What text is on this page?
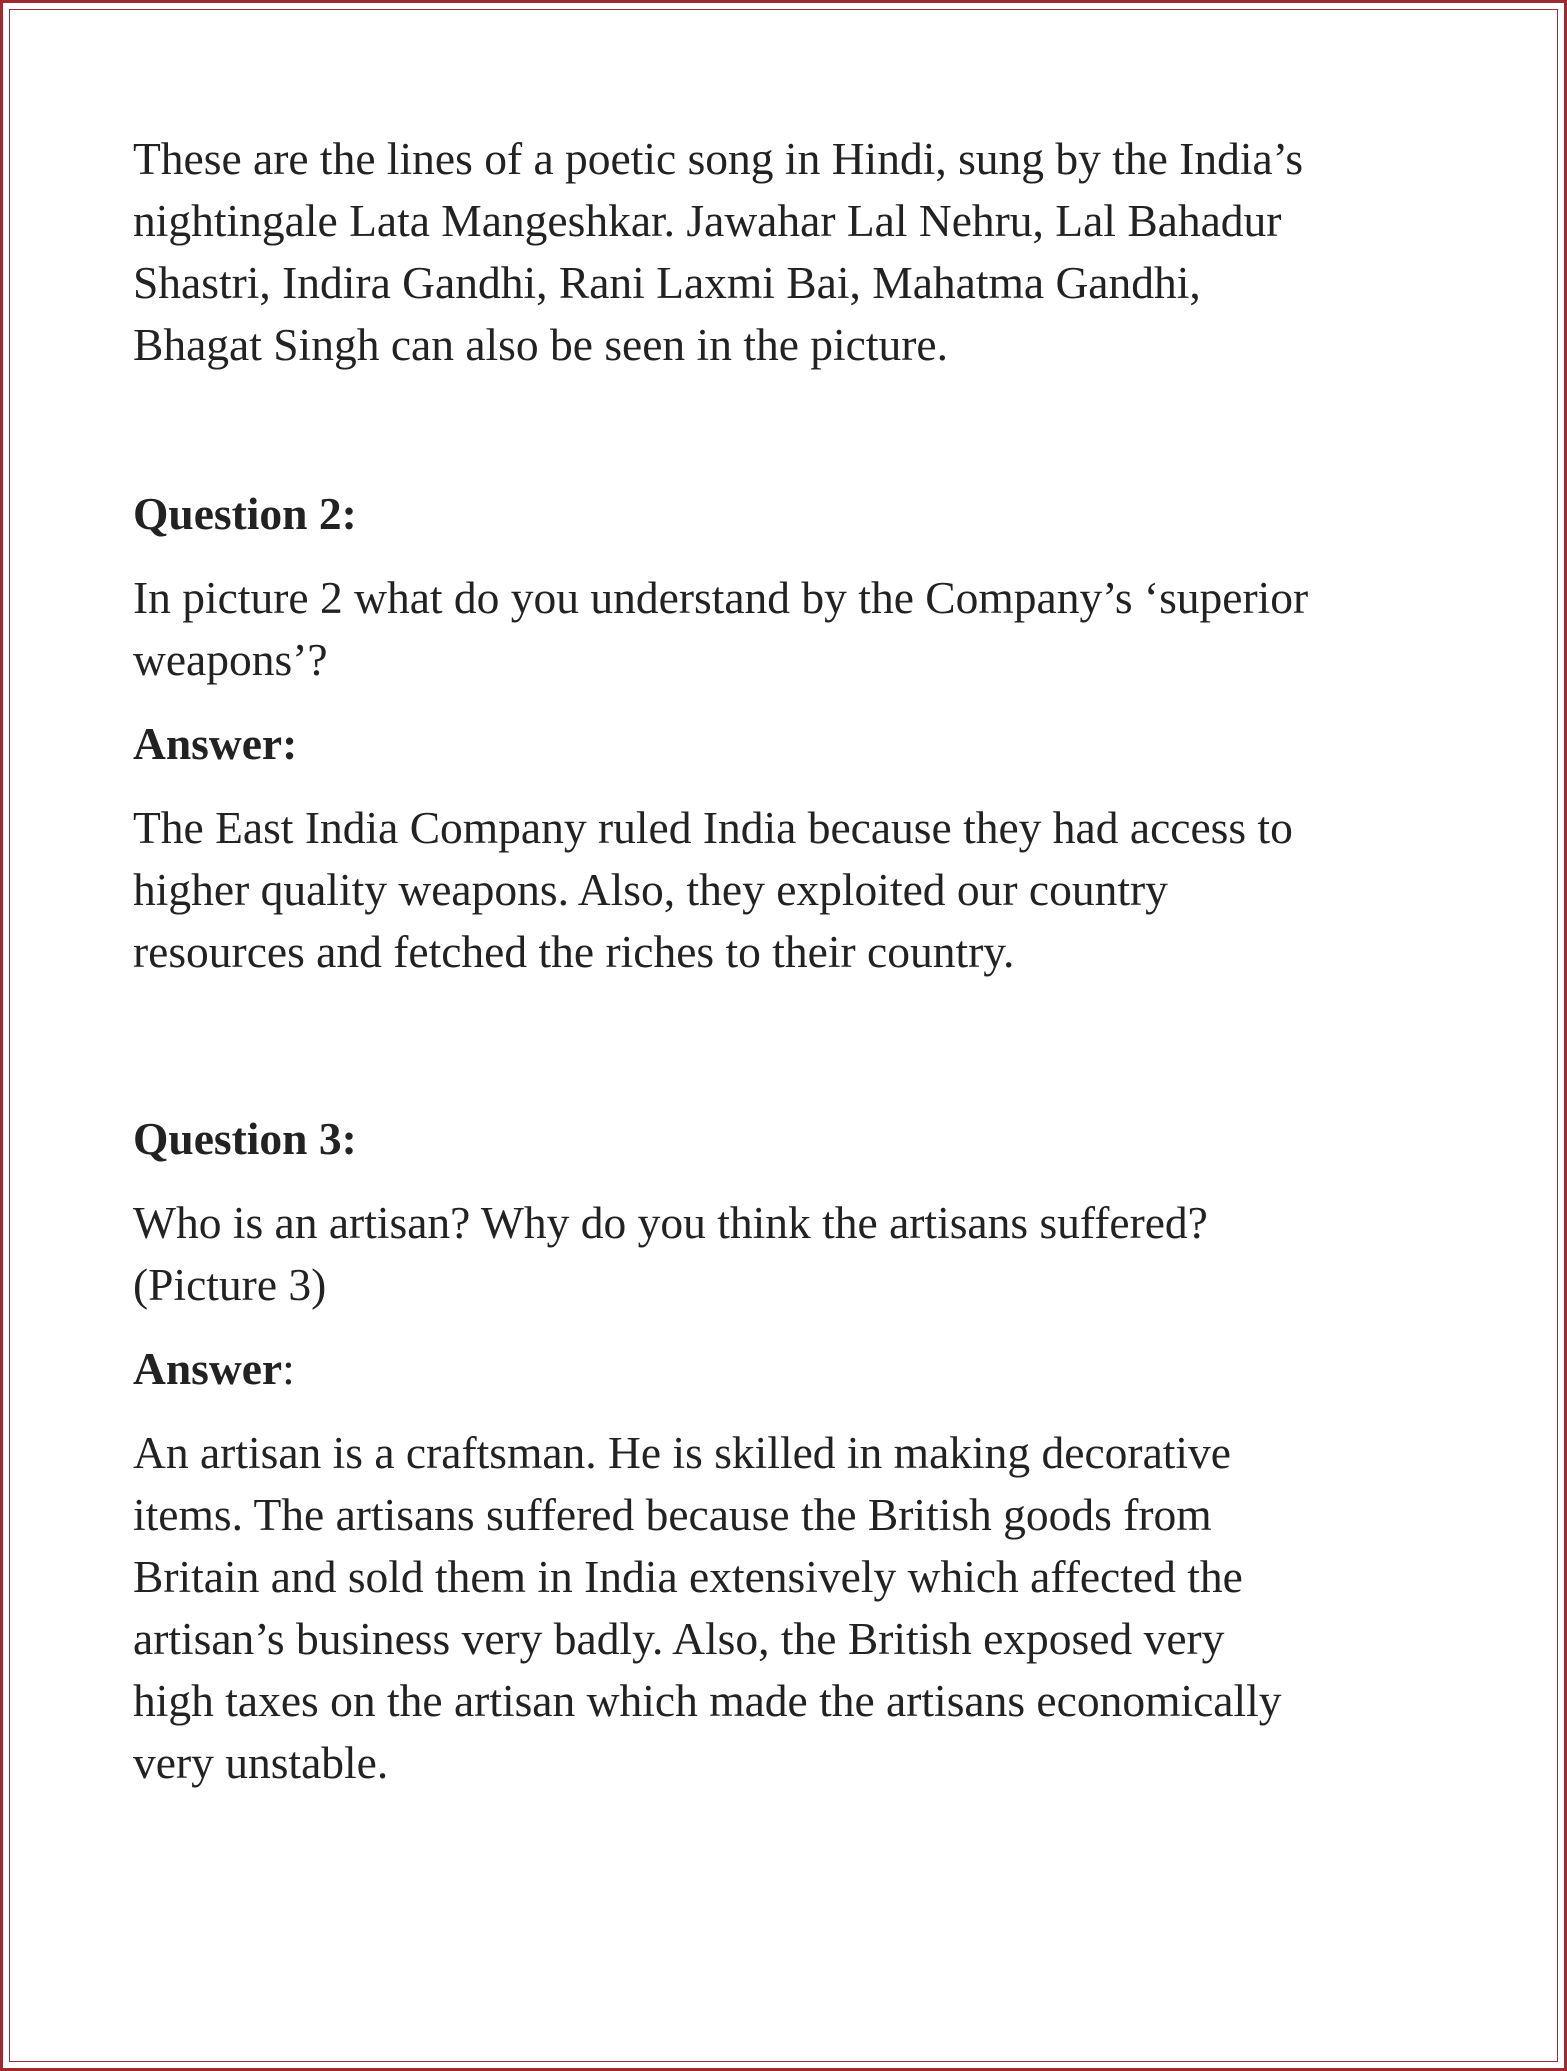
These are the lines of a poetic song in Hindi, sung by the India’s
nightingale Lata Mangeshkar. Jawahar Lal Nehru, Lal Bahadur
Shastri, Indira Gandhi, Rani Laxmi Bai, Mahatma Gandhi,
Bhagat Singh can also be seen in the picture.

Question 2:

In picture 2 what do you understand by the Company’s ‘superior
weapons’?

Answer:

The East India Company ruled India because they had access to
higher quality weapons. Also, they exploited our country
resources and fetched the riches to their country.

Question 3:

Who is an artisan? Why do you think the artisans suffered?
(Picture 3)

Answer:

An artisan is a craftsman. He is skilled in making decorative
items. The artisans suffered because the British goods from
Britain and sold them in India extensively which affected the
artisan’s business very badly. Also, the British exposed very
high taxes on the artisan which made the artisans economically
very unstable.
